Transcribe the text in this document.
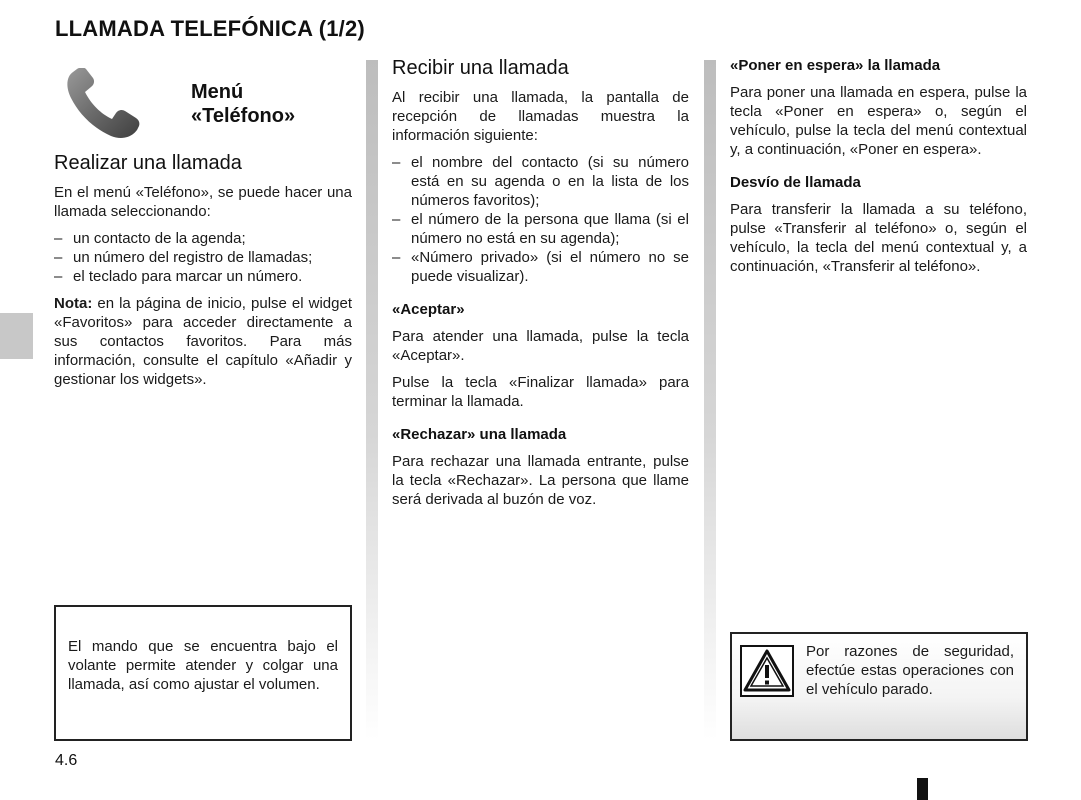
LLAMADA TELEFÓNICA (1/2)
Menú
«Teléfono»
Realizar una llamada

En el menú «Teléfono», se puede hacer una llamada seleccionando:

– un contacto de la agenda;
– un número del registro de llamadas;
– el teclado para marcar un número.

Nota: en la página de inicio, pulse el widget «Favoritos» para acceder directamente a sus contactos favoritos. Para más información, consulte el capítulo «Añadir y gestionar los widgets».

El mando que se encuentra bajo el volante permite atender y colgar una llamada, así como ajustar el volumen.
Recibir una llamada

Al recibir una llamada, la pantalla de recepción de llamadas muestra la información siguiente:

– el nombre del contacto (si su número está en su agenda o en la lista de los números favoritos);
– el número de la persona que llama (si el número no está en su agenda);
– «Número privado» (si el número no se puede visualizar).
«Aceptar»

Para atender una llamada, pulse la tecla «Aceptar».

Pulse la tecla «Finalizar llamada» para terminar la llamada.

«Rechazar» una llamada

Para rechazar una llamada entrante, pulse la tecla «Rechazar». La persona que llame será derivada al buzón de voz.

«Poner en espera» la llamada

Para poner una llamada en espera, pulse la tecla «Poner en espera» o, según el vehículo, pulse la tecla del menú contextual y, a continuación, «Poner en espera».

Desvío de llamada

Para transferir la llamada a su teléfono, pulse «Transferir al teléfono» o, según el vehículo, la tecla del menú contextual y, a continuación, «Transferir al teléfono».

Por razones de seguridad, efectúe estas operaciones con el vehículo parado.
4.6
